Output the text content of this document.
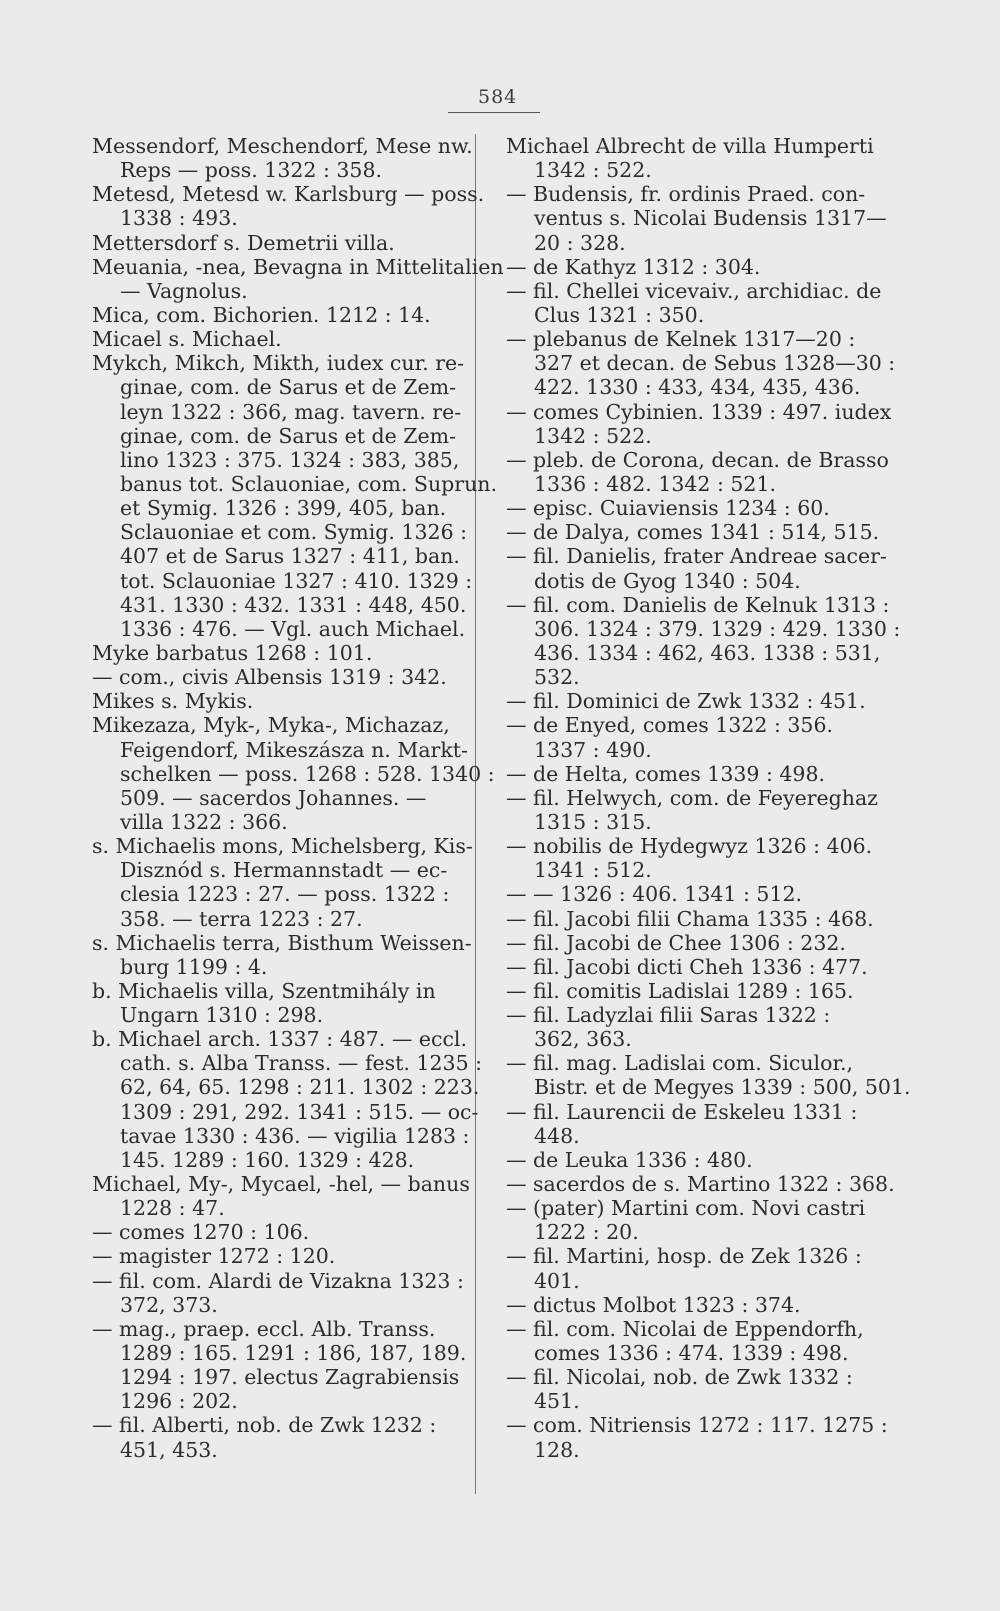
584
Messendorf, Meschendorf, Mese nw.
Reps — poss. 1322 : 358.
Metesd, Metesd w. Karlsburg — poss.
1338 : 493.
Mettersdorf s. Demetrii villa.
Meuania, -nea, Bevagna in Mittelitalien
— Vagnolus.
Mica, com. Bichorien. 1212 : 14.
Micael s. Michael.
Mykch, Mikch, Mikth, iudex cur. re-
ginae, com. de Sarus et de Zem-
leyn 1322 : 366, mag. tavern. re-
ginae, com. de Sarus et de Zem-
lino 1323 : 375. 1324 : 383, 385,
banus tot. Sclauoniae, com. Suprun.
et Symig. 1326 : 399, 405, ban.
Sclauoniae et com. Symig. 1326 :
407 et de Sarus 1327 : 411, ban.
tot. Sclauoniae 1327 : 410. 1329 :
431. 1330 : 432. 1331 : 448, 450.
1336 : 476. — Vgl. auch Michael.
Myke barbatus 1268 : 101.
— com., civis Albensis 1319 : 342.
Mikes s. Mykis.
Mikezaza, Myk-, Myka-, Michazaz,
Feigendorf, Mikeszásza n. Markt-
schelken — poss. 1268 : 528. 1340 :
509. — sacerdos Johannes. —
villa 1322 : 366.
s. Michaelis mons, Michelsberg, Kis-
Disznód s. Hermannstadt — ec-
clesia 1223 : 27. — poss. 1322 :
358. — terra 1223 : 27.
s. Michaelis terra, Bisthum Weissen-
burg 1199 : 4.
b. Michaelis villa, Szentmihály in
Ungarn 1310 : 298.
b. Michael arch. 1337 : 487. — eccl.
cath. s. Alba Transs. — fest. 1235 :
62, 64, 65. 1298 : 211. 1302 : 223.
1309 : 291, 292. 1341 : 515. — oc-
tavae 1330 : 436. — vigilia 1283 :
145. 1289 : 160. 1329 : 428.
Michael, My-, Mycael, -hel, — banus
1228 : 47.
— comes 1270 : 106.
— magister 1272 : 120.
— fil. com. Alardi de Vizakna 1323 :
372, 373.
— mag., praep. eccl. Alb. Transs.
1289 : 165. 1291 : 186, 187, 189.
1294 : 197. electus Zagrabiensis
1296 : 202.
— fil. Alberti, nob. de Zwk 1232 :
451, 453.
Michael Albrecht de villa Humperti
1342 : 522.
— Budensis, fr. ordinis Praed. con-
ventus s. Nicolai Budensis 1317—
20 : 328.
— de Kathyz 1312 : 304.
— fil. Chellei vicevaiv., archidiac. de
Clus 1321 : 350.
— plebanus de Kelnek 1317—20 :
327 et decan. de Sebus 1328—30 :
422. 1330 : 433, 434, 435, 436.
— comes Cybinien. 1339 : 497. iudex
1342 : 522.
— pleb. de Corona, decan. de Brasso
1336 : 482. 1342 : 521.
— episc. Cuiaviensis 1234 : 60.
— de Dalya, comes 1341 : 514, 515.
— fil. Danielis, frater Andreae sacer-
dotis de Gyog 1340 : 504.
— fil. com. Danielis de Kelnuk 1313 :
306. 1324 : 379. 1329 : 429. 1330 :
436. 1334 : 462, 463. 1338 : 531,
532.
— fil. Dominici de Zwk 1332 : 451.
— de Enyed, comes 1322 : 356.
1337 : 490.
— de Helta, comes 1339 : 498.
— fil. Helwych, com. de Feyereghaz
1315 : 315.
— nobilis de Hydegwyz 1326 : 406.
1341 : 512.
— — 1326 : 406. 1341 : 512.
— fil. Jacobi filii Chama 1335 : 468.
— fil. Jacobi de Chee 1306 : 232.
— fil. Jacobi dicti Cheh 1336 : 477.
— fil. comitis Ladislai 1289 : 165.
— fil. Ladyzlai filii Saras 1322 :
362, 363.
— fil. mag. Ladislai com. Siculor.,
Bistr. et de Megyes 1339 : 500, 501.
— fil. Laurencii de Eskeleu 1331 :
448.
— de Leuka 1336 : 480.
— sacerdos de s. Martino 1322 : 368.
— (pater) Martini com. Novi castri
1222 : 20.
— fil. Martini, hosp. de Zek 1326 :
401.
— dictus Molbot 1323 : 374.
— fil. com. Nicolai de Eppendorfh,
comes 1336 : 474. 1339 : 498.
— fil. Nicolai, nob. de Zwk 1332 :
451.
— com. Nitriensis 1272 : 117. 1275 :
128.
